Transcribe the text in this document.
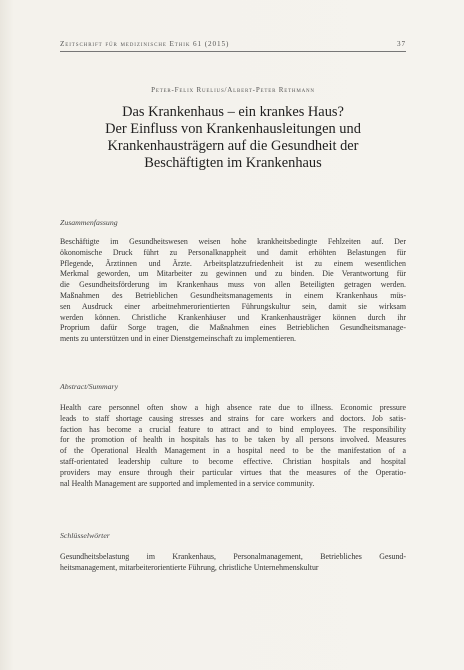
Zeitschrift für medizinische Ethik 61 (2015)	37
Peter-Felix Ruelius/Albert-Peter Rethmann
Das Krankenhaus – ein krankes Haus?
Der Einfluss von Krankenhausleitungen und
Krankenhausträgern auf die Gesundheit der
Beschäftigten im Krankenhaus
Zusammenfassung
Beschäftigte im Gesundheitswesen weisen hohe krankheitsbedingte Fehlzeiten auf. Der
ökonomische Druck führt zu Personalknappheit und damit erhöhten Belastungen für
Pflegende, Ärztinnen und Ärzte. Arbeitsplatzzufriedenheit ist zu einem wesentlichen
Merkmal geworden, um Mitarbeiter zu gewinnen und zu binden. Die Verantwortung für
die Gesundheitsförderung im Krankenhaus muss von allen Beteiligten getragen werden.
Maßnahmen des Betrieblichen Gesundheitsmanagements in einem Krankenhaus müs-
sen Ausdruck einer arbeitnehmerorientierten Führungskultur sein, damit sie wirksam
werden können. Christliche Krankenhäuser und Krankenhausträger können durch ihr
Proprium dafür Sorge tragen, die Maßnahmen eines Betrieblichen Gesundheitsmanage-
ments zu unterstützen und in einer Dienstgemeinschaft zu implementieren.
Abstract/Summary
Health care personnel often show a high absence rate due to illness. Economic pressure
leads to staff shortage causing stresses and strains for care workers and doctors. Job satis-
faction has become a crucial feature to attract and to bind employees. The responsibility
for the promotion of health in hospitals has to be taken by all persons involved. Measures
of the Operational Health Management in a hospital need to be the manifestation of a
staff-orientated leadership culture to become effective. Christian hospitals and hospital
providers may ensure through their particular virtues that the measures of the Operatio-
nal Health Management are supported and implemented in a service community.
Schlüsselwörter
Gesundheitsbelastung im Krankenhaus, Personalmanagement, Betriebliches Gesund-
heitsmanagement, mitarbeiterorientierte Führung, christliche Unternehmenskultur
